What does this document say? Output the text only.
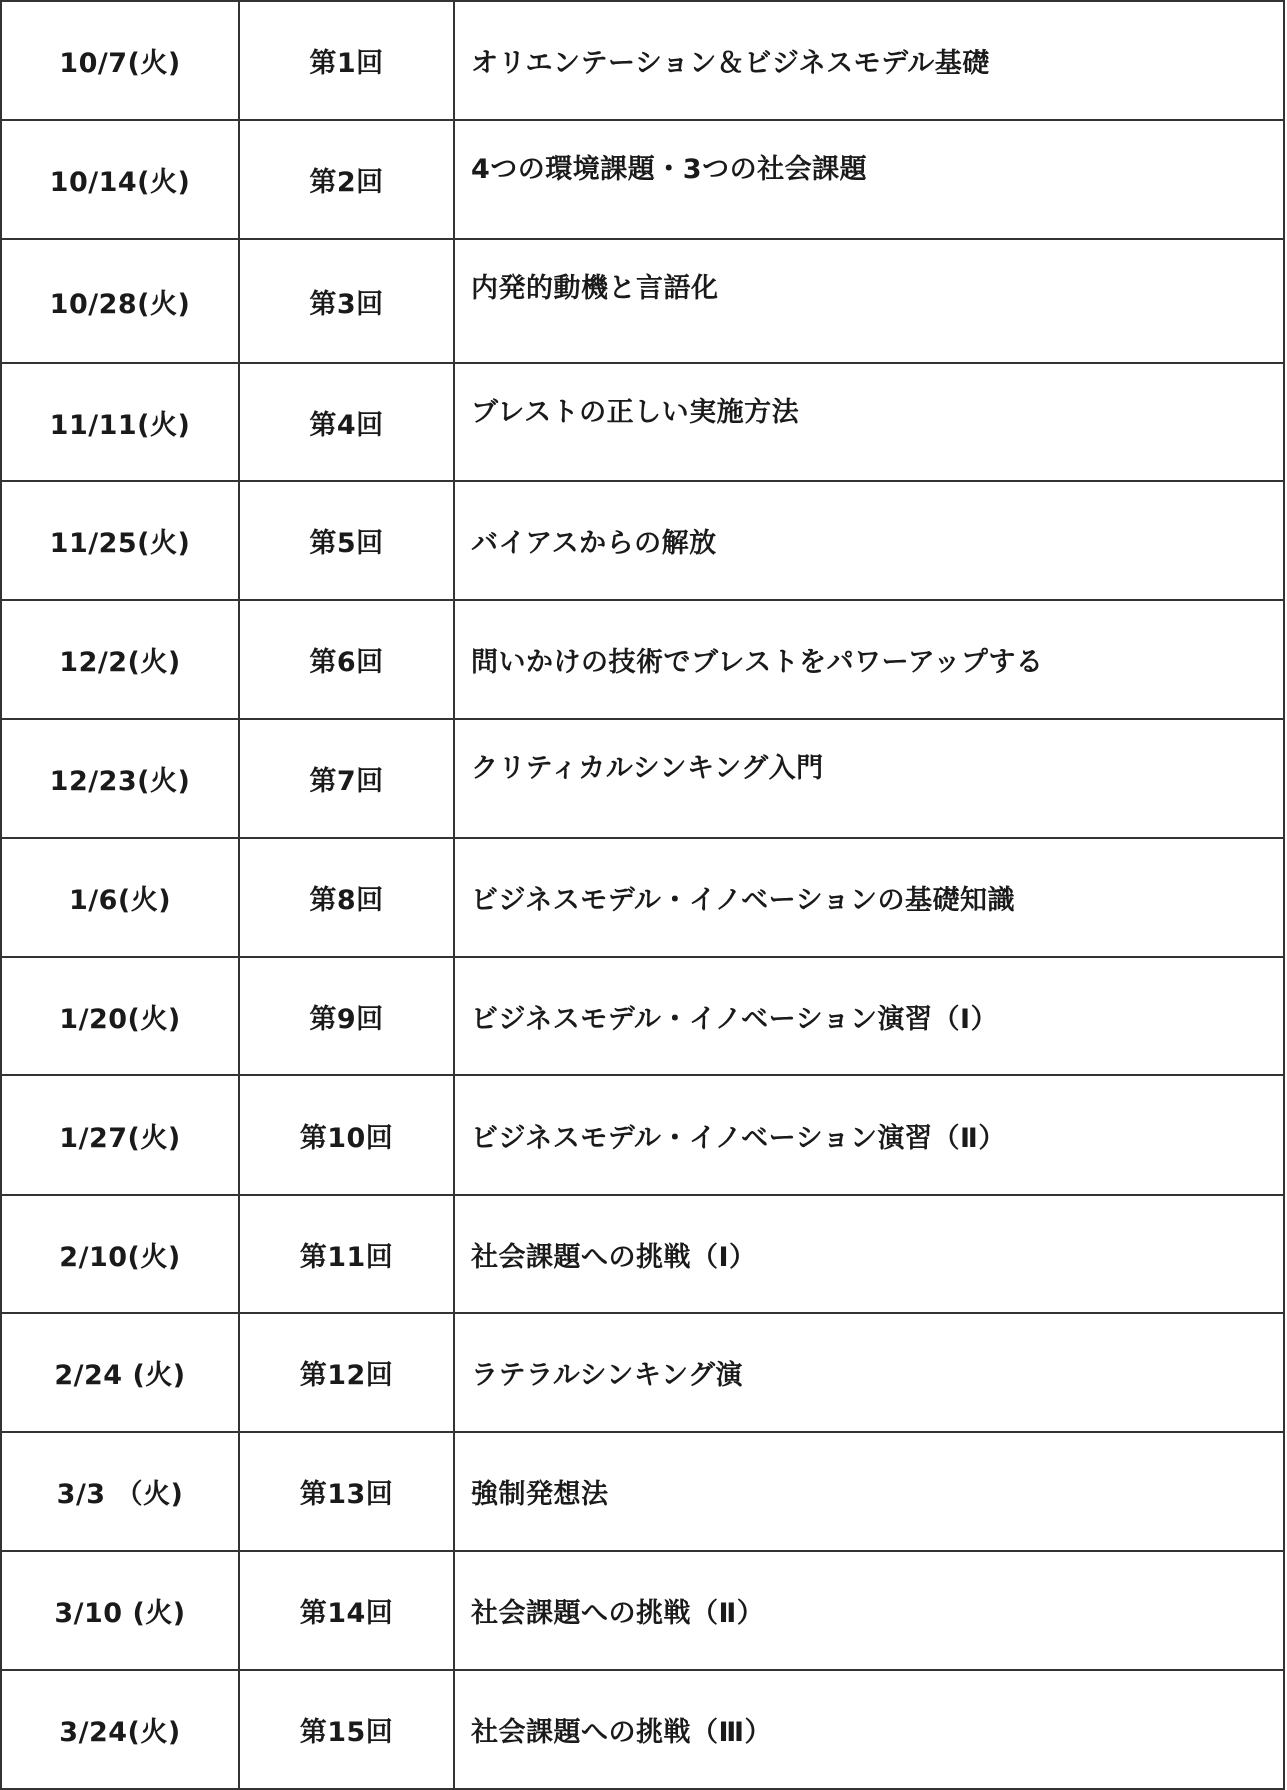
10/7(火)	第1回	オリエンテーション＆ビジネスモデル基礎
10/14(火)	第2回	4つの環境課題・3つの社会課題
10/28(火)	第3回	内発的動機と言語化
11/11(火)	第4回	ブレストの正しい実施方法
11/25(火)	第5回	バイアスからの解放
12/2(火)	第6回	問いかけの技術でブレストをパワーアップする
12/23(火)	第7回	クリティカルシンキング入門
1/6(火)	第8回	ビジネスモデル・イノベーションの基礎知識
1/20(火)	第9回	ビジネスモデル・イノベーション演習（Ⅰ）
1/27(火)	第10回	ビジネスモデル・イノベーション演習（Ⅱ）
2/10(火)	第11回	社会課題への挑戦（Ⅰ）
2/24 (火)	第12回	ラテラルシンキング演
3/3 （火)	第13回	強制発想法
3/10 (火)	第14回	社会課題への挑戦（Ⅱ）
3/24(火)	第15回	社会課題への挑戦（Ⅲ）
